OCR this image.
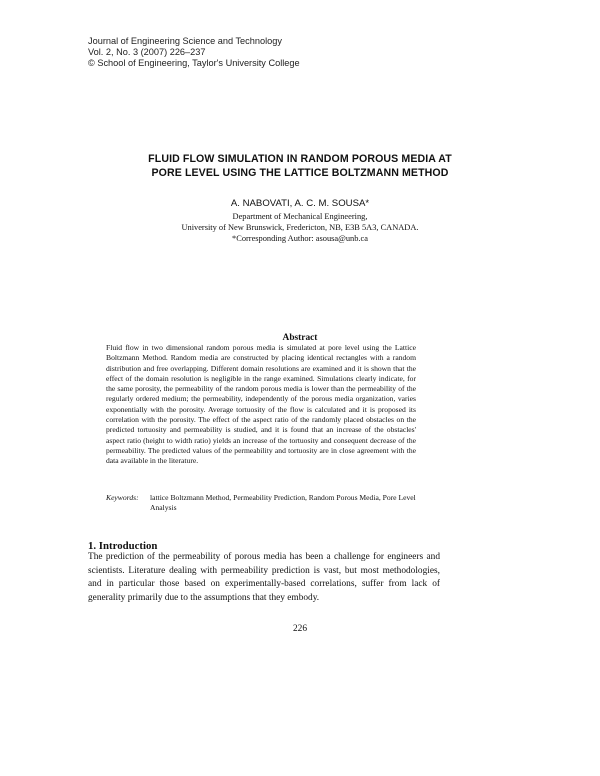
Journal of Engineering Science and Technology
Vol. 2, No. 3 (2007) 226–237
© School of Engineering, Taylor's University College
FLUID FLOW SIMULATION IN RANDOM POROUS MEDIA AT
PORE LEVEL USING THE LATTICE BOLTZMANN METHOD
A. NABOVATI, A. C. M. SOUSA*
Department of Mechanical Engineering,
University of New Brunswick, Fredericton, NB, E3B 5A3, CANADA.
*Corresponding Author: asousa@unb.ca
Abstract
Fluid flow in two dimensional random porous media is simulated at pore level using the Lattice Boltzmann Method. Random media are constructed by placing identical rectangles with a random distribution and free overlapping. Different domain resolutions are examined and it is shown that the effect of the domain resolution is negligible in the range examined. Simulations clearly indicate, for the same porosity, the permeability of the random porous media is lower than the permeability of the regularly ordered medium; the permeability, independently of the porous media organization, varies exponentially with the porosity. Average tortuosity of the flow is calculated and it is proposed its correlation with the porosity. The effect of the aspect ratio of the randomly placed obstacles on the predicted tortuosity and permeability is studied, and it is found that an increase of the obstacles' aspect ratio (height to width ratio) yields an increase of the tortuosity and consequent decrease of the permeability. The predicted values of the permeability and tortuosity are in close agreement with the data available in the literature.
Keywords:	lattice Boltzmann Method, Permeability Prediction, Random Porous Media, Pore Level Analysis
1. Introduction
The prediction of the permeability of porous media has been a challenge for engineers and scientists. Literature dealing with permeability prediction is vast, but most methodologies, and in particular those based on experimentally-based correlations, suffer from lack of generality primarily due to the assumptions that they embody.
226
